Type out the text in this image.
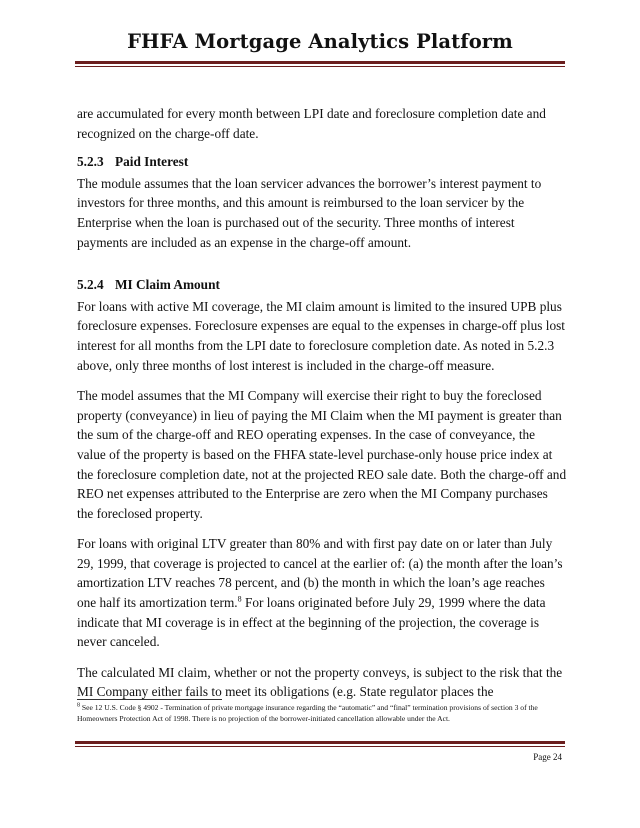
FHFA Mortgage Analytics Platform

are accumulated for every month between LPI date and foreclosure completion date and recognized on the charge-off date.

5.2.3 Paid Interest

The module assumes that the loan servicer advances the borrower’s interest payment to investors for three months, and this amount is reimbursed to the loan servicer by the Enterprise when the loan is purchased out of the security. Three months of interest payments are included as an expense in the charge-off amount.

5.2.4 MI Claim Amount

For loans with active MI coverage, the MI claim amount is limited to the insured UPB plus foreclosure expenses. Foreclosure expenses are equal to the expenses in charge-off plus lost interest for all months from the LPI date to foreclosure completion date. As noted in 5.2.3 above, only three months of lost interest is included in the charge-off measure.

The model assumes that the MI Company will exercise their right to buy the foreclosed property (conveyance) in lieu of paying the MI Claim when the MI payment is greater than the sum of the charge-off and REO operating expenses. In the case of conveyance, the value of the property is based on the FHFA state-level purchase-only house price index at the foreclosure completion date, not at the projected REO sale date. Both the charge-off and REO net expenses attributed to the Enterprise are zero when the MI Company purchases the foreclosed property.

For loans with original LTV greater than 80% and with first pay date on or later than July 29, 1999, that coverage is projected to cancel at the earlier of: (a) the month after the loan’s amortization LTV reaches 78 percent, and (b) the month in which the loan’s age reaches one half its amortization term.$^8$ For loans originated before July 29, 1999 where the data indicate that MI coverage is in effect at the beginning of the projection, the coverage is never canceled.

The calculated MI claim, whether or not the property conveys, is subject to the risk that the MI Company either fails to meet its obligations (e.g. State regulator places the

$^8$ See 12 U.S. Code § 4902 - Termination of private mortgage insurance regarding the “automatic” and “final” termination provisions of section 3 of the Homeowners Protection Act of 1998. There is no projection of the borrower-initiated cancellation allowable under the Act.
Page 24
